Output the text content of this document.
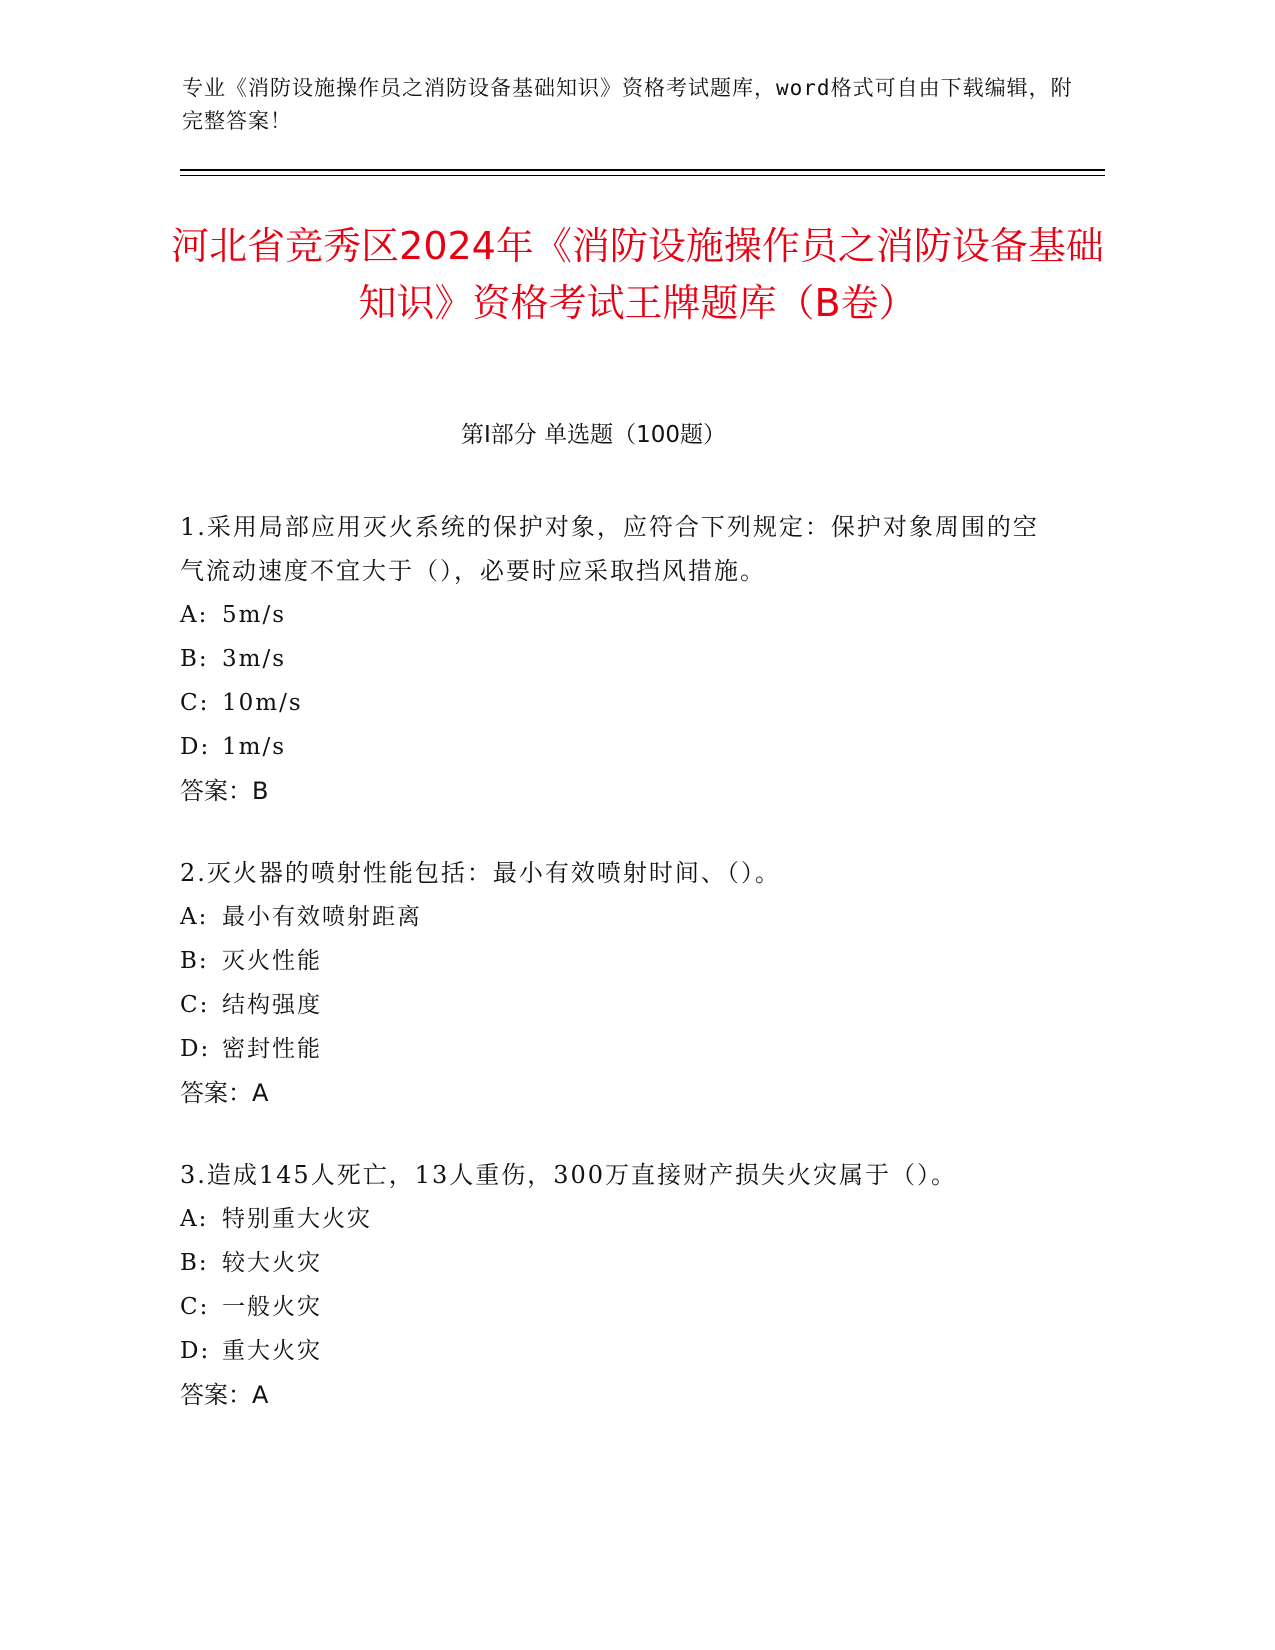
专业《消防设施操作员之消防设备基础知识》资格考试题库，word格式可自由下载编辑，附完整答案！
河北省竞秀区2024年《消防设施操作员之消防设备基础知识》资格考试王牌题库（B卷）
第I部分 单选题（100题）
1.采用局部应用灭火系统的保护对象，应符合下列规定：保护对象周围的空气流动速度不宜大于（），必要时应采取挡风措施。
A: 5m/s
B: 3m/s
C: 10m/s
D: 1m/s
答案：B
2.灭火器的喷射性能包括：最小有效喷射时间、（）。
A: 最小有效喷射距离
B: 灭火性能
C: 结构强度
D: 密封性能
答案：A
3.造成145人死亡，13人重伤，300万直接财产损失火灾属于（）。
A: 特别重大火灾
B: 较大火灾
C: 一般火灾
D: 重大火灾
答案：A
